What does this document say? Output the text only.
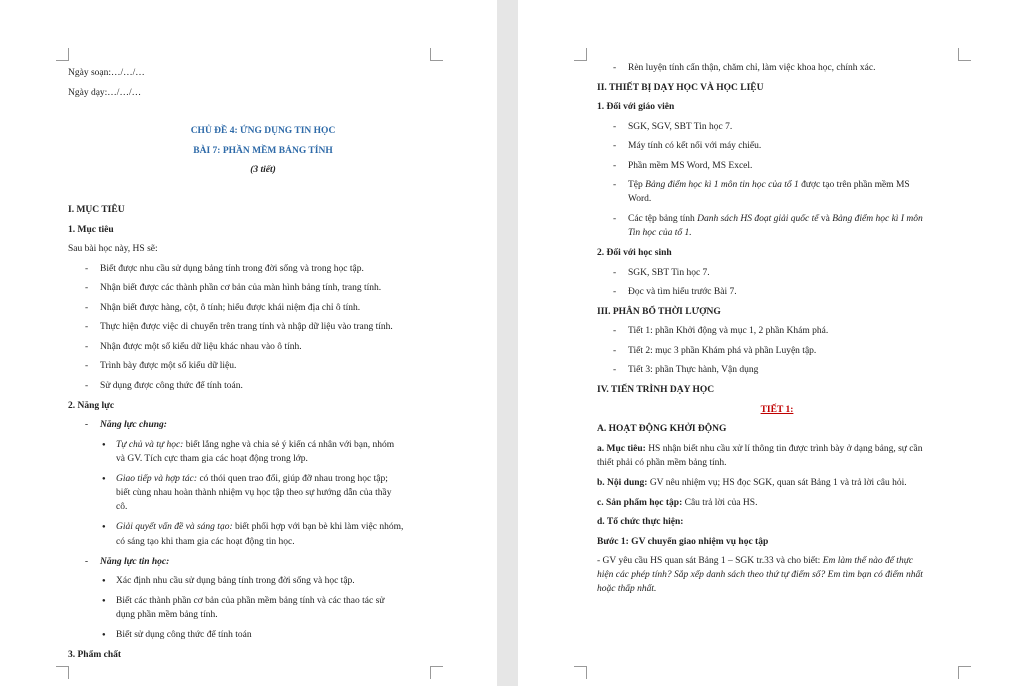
Ngày soạn:…/…/…
Ngày dạy:…/…/…
CHỦ ĐỀ 4: ỨNG DỤNG TIN HỌC
BÀI 7: PHẦN MỀM BẢNG TÍNH
(3 tiết)
I. MỤC TIÊU
1. Mục tiêu
Sau bài học này, HS sẽ:
- Biết được nhu cầu sử dụng bảng tính trong đời sống và trong học tập.
- Nhận biết được các thành phần cơ bản của màn hình bảng tính, trang tính.
- Nhận biết được hàng, cột, ô tính; hiểu được khái niệm địa chỉ ô tính.
- Thực hiện được việc di chuyển trên trang tính và nhập dữ liệu vào trang tính.
- Nhận được một số kiểu dữ liệu khác nhau vào ô tính.
- Trình bày được một số kiểu dữ liệu.
- Sử dụng được công thức để tính toán.
2. Năng lực
- Năng lực chung:
● Tự chủ và tự học: biết lắng nghe và chia sẻ ý kiến cá nhân với bạn, nhóm
và GV. Tích cực tham gia các hoạt động trong lớp.
● Giao tiếp và hợp tác: có thói quen trao đổi, giúp đỡ nhau trong học tập;
biết cùng nhau hoàn thành nhiệm vụ học tập theo sự hướng dẫn của thầy
cô.
● Giải quyết vấn đề và sáng tạo: biết phối hợp với bạn bè khi làm việc nhóm,
có sáng tạo khi tham gia các hoạt động tin học.
- Năng lực tin học:
● Xác định nhu cầu sử dụng bảng tính trong đời sống và học tập.
● Biết các thành phần cơ bản của phần mềm bảng tính và các thao tác sử
dụng phần mềm bảng tính.
● Biết sử dụng công thức để tính toán
3. Phẩm chất
- Rèn luyện tính cẩn thận, chăm chỉ, làm việc khoa học, chính xác.
II. THIẾT BỊ DẠY HỌC VÀ HỌC LIỆU
1. Đối với giáo viên
- SGK, SGV, SBT Tin học 7.
- Máy tính có kết nối với máy chiếu.
- Phần mềm MS Word, MS Excel.
- Tệp Bảng điểm học kì 1 môn tin học của tổ 1 được tạo trên phần mềm MS
Word.
- Các tệp bảng tính Danh sách HS đoạt giải quốc tế và Bảng điểm học kì I môn
Tin học của tổ 1.
2. Đối với học sinh
- SGK, SBT Tin học 7.
- Đọc và tìm hiểu trước Bài 7.
III. PHÂN BỔ THỜI LƯỢNG
- Tiết 1: phần Khởi động và mục 1, 2 phần Khám phá.
- Tiết 2: mục 3 phần Khám phá và phần Luyện tập.
- Tiết 3: phần Thực hành, Vận dụng
IV. TIẾN TRÌNH DẠY HỌC
TIẾT 1:
A. HOẠT ĐỘNG KHỞI ĐỘNG
a. Mục tiêu: HS nhận biết nhu cầu xử lí thông tin được trình bày ở dạng bảng, sự cần
thiết phải có phần mềm bảng tính.
b. Nội dung: GV nêu nhiệm vụ; HS đọc SGK, quan sát Bảng 1 và trả lời câu hỏi.
c. Sản phẩm học tập: Câu trả lời của HS.
d. Tổ chức thực hiện:
Bước 1: GV chuyển giao nhiệm vụ học tập
- GV yêu cầu HS quan sát Bảng 1 – SGK tr.33 và cho biết: Em làm thế nào để thực
hiện các phép tính? Sắp xếp danh sách theo thứ tự điểm số? Em tìm bạn có điểm nhất
hoặc thấp nhất.
